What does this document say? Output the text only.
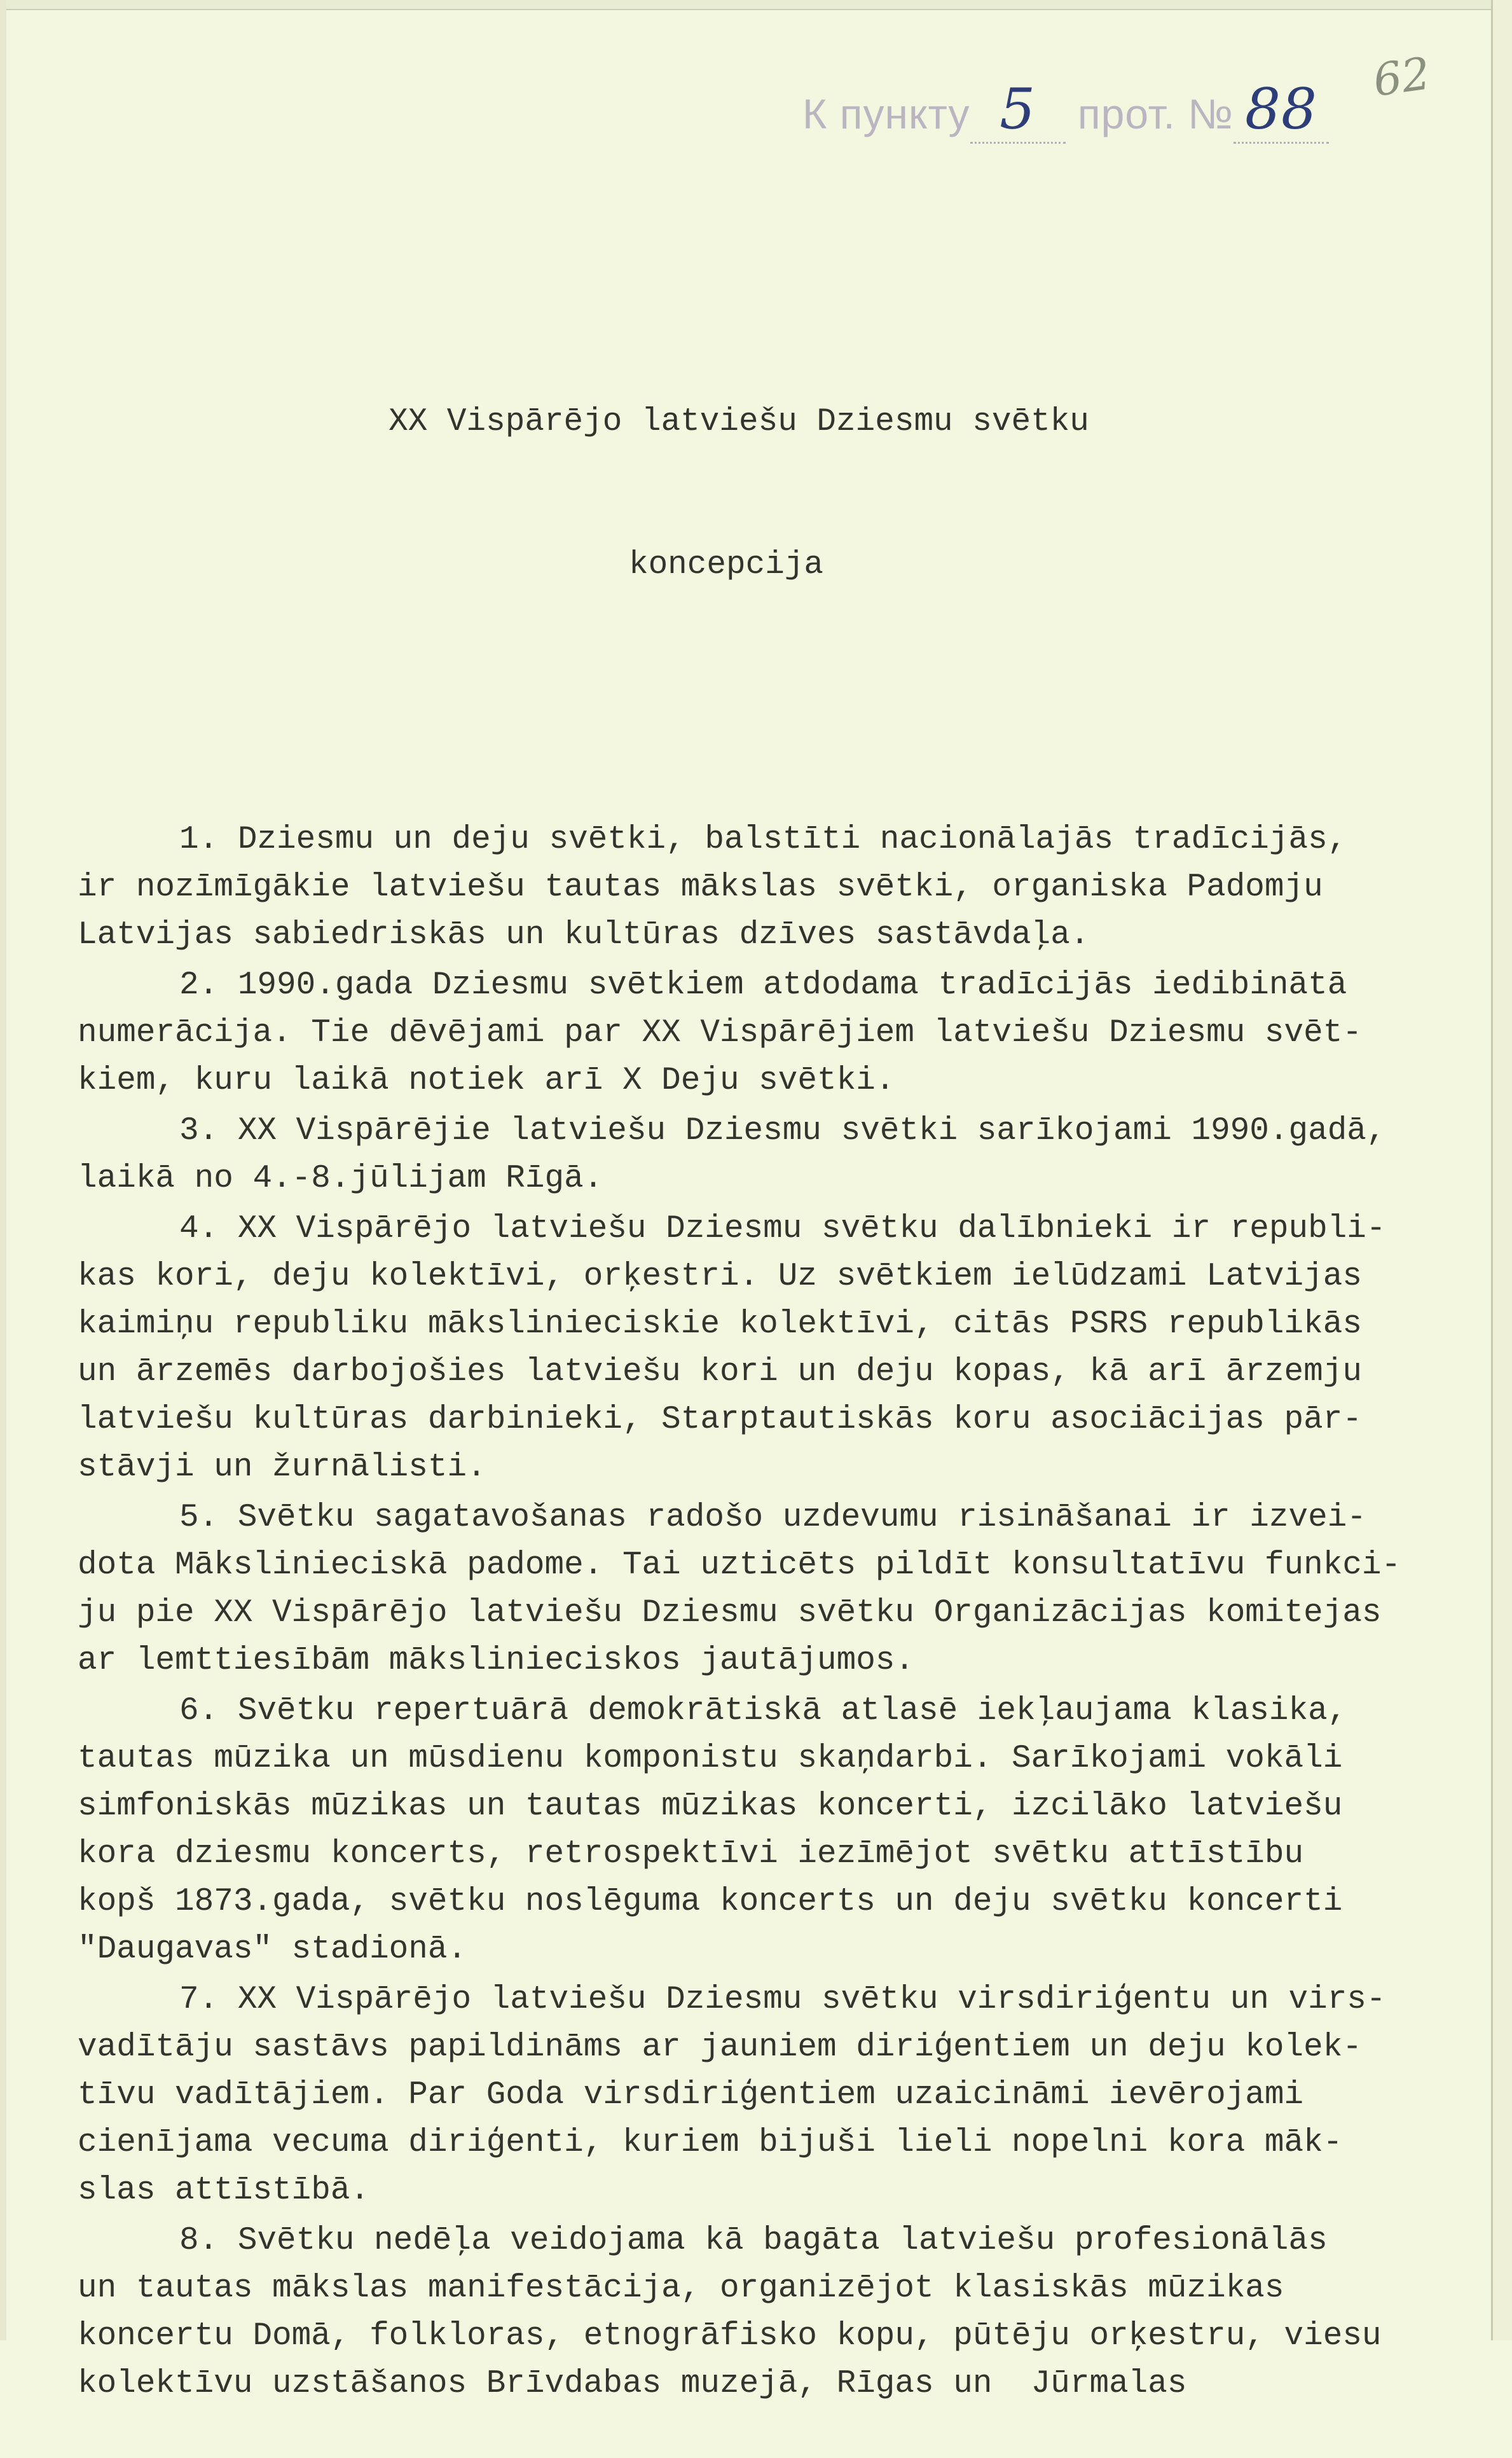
К пункту 5 прот. № 88 62

XX Vispārējo latviešu Dziesmu svētku

koncepcija

1. Dziesmu un deju svētki, balstīti nacionālajās tradīcijās,
ir nozīmīgākie latviešu tautas mākslas svētki, organiska Padomju
Latvijas sabiedriskās un kultūras dzīves sastāvdaļa.
2. 1990.gada Dziesmu svētkiem atdodama tradīcijās iedibinātā
numerācija. Tie dēvējami par XX Vispārējiem latviešu Dziesmu svēt-
kiem, kuru laikā notiek arī X Deju svētki.
3. XX Vispārējie latviešu Dziesmu svētki sarīkojami 1990.gadā,
laikā no 4.-8.jūlijam Rīgā.
4. XX Vispārējo latviešu Dziesmu svētku dalībnieki ir republi-
kas kori, deju kolektīvi, orķestri. Uz svētkiem ielūdzami Latvijas
kaimiņu republiku mākslinieciskie kolektīvi, citās PSRS republikās
un ārzemēs darbojošies latviešu kori un deju kopas, kā arī ārzemju
latviešu kultūras darbinieki, Starptautiskās koru asociācijas pār-
stāvji un žurnālisti.
5. Svētku sagatavošanas radošo uzdevumu risināšanai ir izvei-
dota Mākslinieciskā padome. Tai uzticēts pildīt konsultatīvu funkci-
ju pie XX Vispārējo latviešu Dziesmu svētku Organizācijas komitejas
ar lemttiesībām mākslinieciskos jautājumos.
6. Svētku repertuārā demokrātiskā atlasē iekļaujama klasika,
tautas mūzika un mūsdienu komponistu skaņdarbi. Sarīkojami vokāli
simfoniskās mūzikas un tautas mūzikas koncerti, izcilāko latviešu
kora dziesmu koncerts, retrospektīvi iezīmējot svētku attīstību
kopš 1873.gada, svētku noslēguma koncerts un deju svētku koncerti
"Daugavas" stadionā.
7. XX Vispārējo latviešu Dziesmu svētku virsdiriģentu un virs-
vadītāju sastāvs papildināms ar jauniem diriģentiem un deju kolek-
tīvu vadītājiem. Par Goda virsdiriģentiem uzaicināmi ievērojami
cienījama vecuma diriģenti, kuriem bijuši lieli nopelni kora māk-
slas attīstībā.
8. Svētku nedēļa veidojama kā bagāta latviešu profesionālās
un tautas mākslas manifestācija, organizējot klasiskās mūzikas
koncertu Domā, folkloras, etnogrāfisko kopu, pūtēju orķestru, viesu
kolektīvu uzstāšanos Brīvdabas muzejā, Rīgas un  Jūrmalas
